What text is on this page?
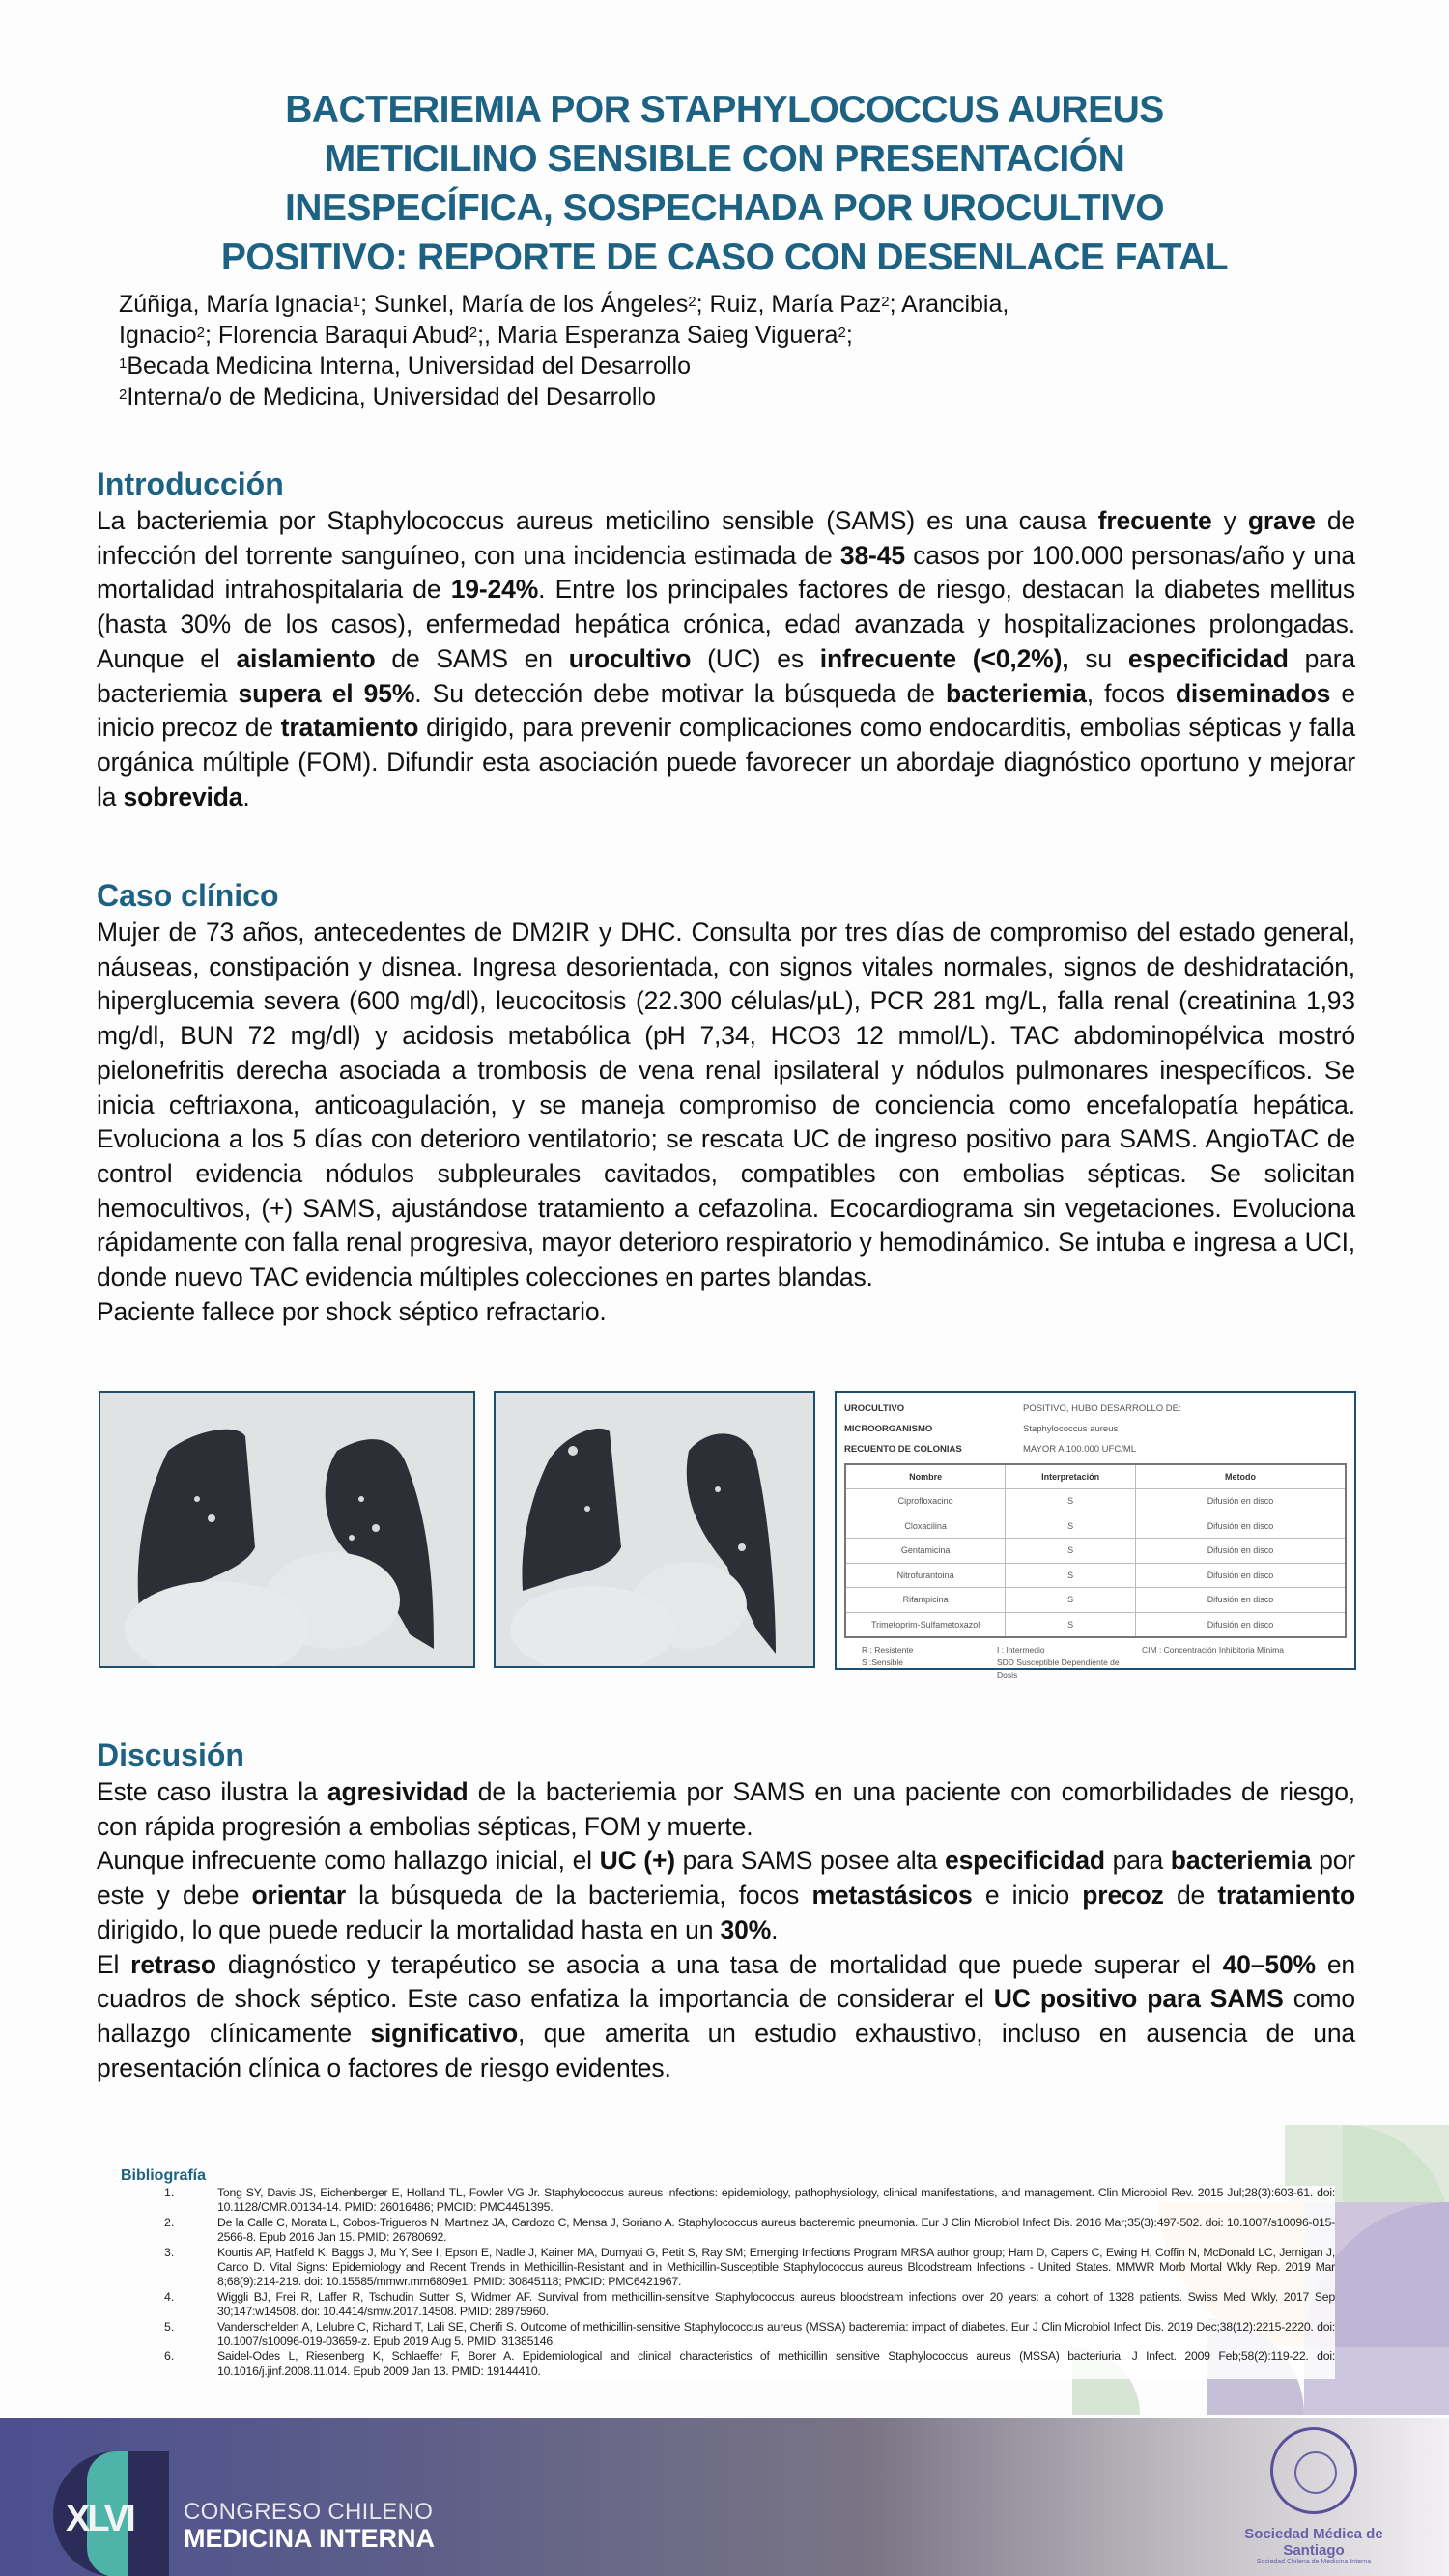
BACTERIEMIA POR STAPHYLOCOCCUS AUREUS
METICILINO SENSIBLE CON PRESENTACIÓN
INESPECÍFICA, SOSPECHADA POR UROCULTIVO
POSITIVO: REPORTE DE CASO CON DESENLACE FATAL
Zúñiga, María Ignacia$^1$; Sunkel, María de los Ángeles$^2$; Ruiz, María Paz$^2$; Arancibia,
Ignacio$^2$; Florencia Baraqui Abud$^2$;, Maria Esperanza Saieg Viguera$^2$;
$^1$Becada Medicina Interna, Universidad del Desarrollo
$^2$Interna/o de Medicina, Universidad del Desarrollo
Introducción

La bacteriemia por Staphylococcus aureus meticilino sensible (SAMS) es una causa frecuente y grave de infección del torrente sanguíneo, con una incidencia estimada de 38-45 casos por 100.000 personas/año y una mortalidad intrahospitalaria de 19-24%. Entre los principales factores de riesgo, destacan la diabetes mellitus (hasta 30% de los casos), enfermedad hepática crónica, edad avanzada y hospitalizaciones prolongadas. Aunque el aislamiento de SAMS en urocultivo (UC) es infrecuente (<0,2%), su especificidad para bacteriemia supera el 95%. Su detección debe motivar la búsqueda de bacteriemia, focos diseminados e inicio precoz de tratamiento dirigido, para prevenir complicaciones como endocarditis, embolias sépticas y falla orgánica múltiple (FOM). Difundir esta asociación puede favorecer un abordaje diagnóstico oportuno y mejorar la sobrevida.

Caso clínico

Mujer de 73 años, antecedentes de DM2IR y DHC. Consulta por tres días de compromiso del estado general, náuseas, constipación y disnea. Ingresa desorientada, con signos vitales normales, signos de deshidratación, hiperglucemia severa (600 mg/dl), leucocitosis (22.300 células/µL), PCR 281 mg/L, falla renal (creatinina 1,93 mg/dl, BUN 72 mg/dl) y acidosis metabólica (pH 7,34, HCO3 12 mmol/L). TAC abdominopélvica mostró pielonefritis derecha asociada a trombosis de vena renal ipsilateral y nódulos pulmonares inespecíficos. Se inicia ceftriaxona, anticoagulación, y se maneja compromiso de conciencia como encefalopatía hepática. Evoluciona a los 5 días con deterioro ventilatorio; se rescata UC de ingreso positivo para SAMS. AngioTAC de control evidencia nódulos subpleurales cavitados, compatibles con embolias sépticas. Se solicitan hemocultivos, (+) SAMS, ajustándose tratamiento a cefazolina. Ecocardiograma sin vegetaciones. Evoluciona rápidamente con falla renal progresiva, mayor deterioro respiratorio y hemodinámico. Se intuba e ingresa a UCI, donde nuevo TAC evidencia múltiples colecciones en partes blandas.

Paciente fallece por shock séptico refractario.

UROCULTIVO	POSITIVO, HUBO DESARROLLO DE:
MICROORGANISMO	Staphylococcus aureus
RECUENTO DE COLONIAS	MAYOR A 100.000 UFC/ML
Nombre	Interpretación	Metodo
Ciprofloxacino	S	Difusión en disco
Cloxacilina	S	Difusión en disco
Gentamicina	S	Difusión en disco
Nitrofurantoina	S	Difusión en disco
Rifampicina	S	Difusión en disco
Trimetoprim-Sulfametoxazol	S	Difusión en disco
R : Resistente	I : Intermedio	CIM : Concentración Inhibitoria Mínima
S :Sensible	SDD Susceptible Dependiente de Dosis
Discusión

Este caso ilustra la agresividad de la bacteriemia por SAMS en una paciente con comorbilidades de riesgo, con rápida progresión a embolias sépticas, FOM y muerte.

Aunque infrecuente como hallazgo inicial, el UC (+) para SAMS posee alta especificidad para bacteriemia por este y debe orientar la búsqueda de la bacteriemia, focos metastásicos e inicio precoz de tratamiento dirigido, lo que puede reducir la mortalidad hasta en un 30%.

El retraso diagnóstico y terapéutico se asocia a una tasa de mortalidad que puede superar el 40–50% en cuadros de shock séptico. Este caso enfatiza la importancia de considerar el UC positivo para SAMS como hallazgo clínicamente significativo, que amerita un estudio exhaustivo, incluso en ausencia de una presentación clínica o factores de riesgo evidentes.

Bibliografía
1.	Tong SY, Davis JS, Eichenberger E, Holland TL, Fowler VG Jr. Staphylococcus aureus infections: epidemiology, pathophysiology, clinical manifestations, and management. Clin Microbiol Rev. 2015 Jul;28(3):603-61. doi: 10.1128/CMR.00134-14. PMID: 26016486; PMCID: PMC4451395.
2.	De la Calle C, Morata L, Cobos-Trigueros N, Martinez JA, Cardozo C, Mensa J, Soriano A. Staphylococcus aureus bacteremic pneumonia. Eur J Clin Microbiol Infect Dis. 2016 Mar;35(3):497-502. doi: 10.1007/s10096-015-2566-8. Epub 2016 Jan 15. PMID: 26780692.
3.	Kourtis AP, Hatfield K, Baggs J, Mu Y, See I, Epson E, Nadle J, Kainer MA, Dumyati G, Petit S, Ray SM; Emerging Infections Program MRSA author group; Ham D, Capers C, Ewing H, Coffin N, McDonald LC, Jernigan J, Cardo D. Vital Signs: Epidemiology and Recent Trends in Methicillin-Resistant and in Methicillin-Susceptible Staphylococcus aureus Bloodstream Infections - United States. MMWR Morb Mortal Wkly Rep. 2019 Mar 8;68(9):214-219. doi: 10.15585/mmwr.mm6809e1. PMID: 30845118; PMCID: PMC6421967.
4.	Wiggli BJ, Frei R, Laffer R, Tschudin Sutter S, Widmer AF. Survival from methicillin-sensitive Staphylococcus aureus bloodstream infections over 20 years: a cohort of 1328 patients. Swiss Med Wkly. 2017 Sep 30;147:w14508. doi: 10.4414/smw.2017.14508. PMID: 28975960.
5.	Vanderschelden A, Lelubre C, Richard T, Lali SE, Cherifi S. Outcome of methicillin-sensitive Staphylococcus aureus (MSSA) bacteremia: impact of diabetes. Eur J Clin Microbiol Infect Dis. 2019 Dec;38(12):2215-2220. doi: 10.1007/s10096-019-03659-z. Epub 2019 Aug 5. PMID: 31385146.
6.	Saidel-Odes L, Riesenberg K, Schlaeffer F, Borer A. Epidemiological and clinical characteristics of methicillin sensitive Staphylococcus aureus (MSSA) bacteriuria. J Infect. 2009 Feb;58(2):119-22. doi: 10.1016/j.jinf.2008.11.014. Epub 2009 Jan 13. PMID: 19144410.
XLVI CONGRESO CHILENO
MEDICINA INTERNA	Sociedad Médica de Santiago
Sociedad Chilena de Medicina Interna
